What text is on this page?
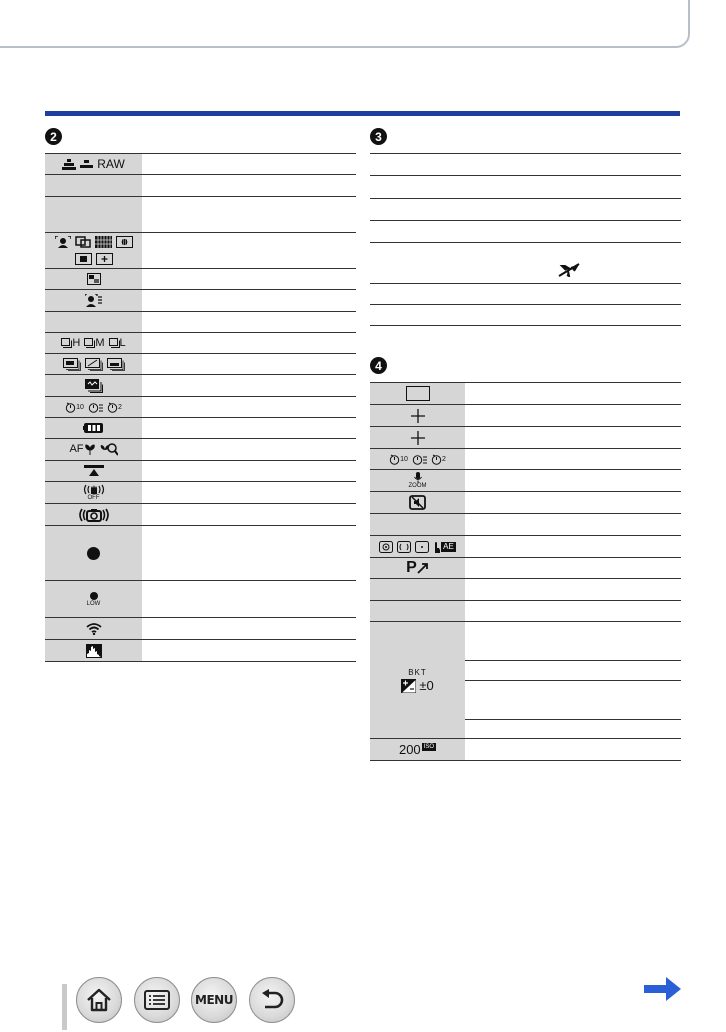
2
RAW
H M L
10	2
AF
OFF
LOW
3
4
10	2
ZOOM
AE
P
BKT
±0
200 ISO
MENU
